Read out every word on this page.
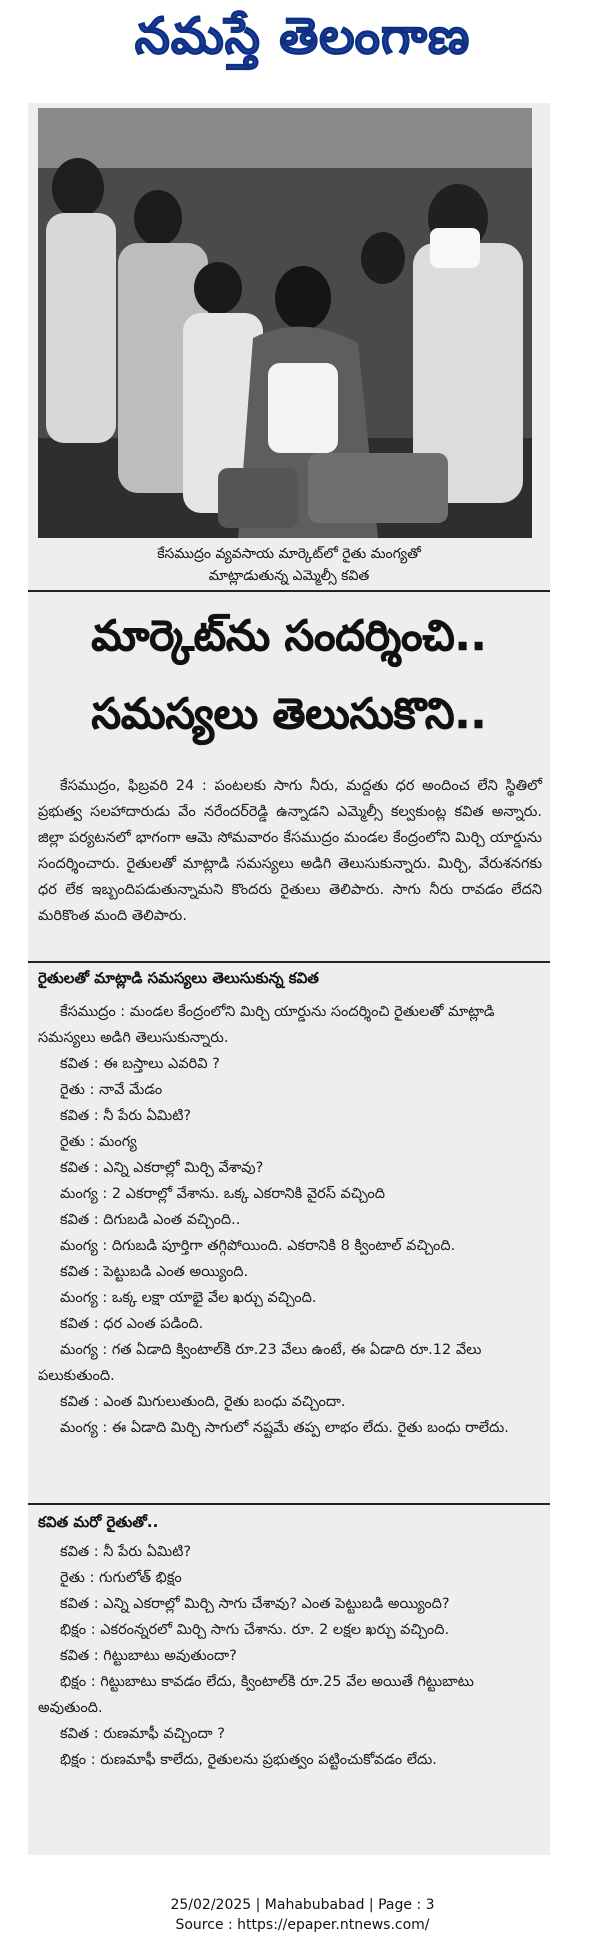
నమస్తే తెలంగాణ
కేసముద్రం వ్యవసాయ మార్కెట్‌లో రైతు మంగ్యతో
మాట్లాడుతున్న ఎమ్మెల్సీ కవిత
మార్కెట్‌ను సందర్శించి..
సమస్యలు తెలుసుకొని..
కేసముద్రం, ఫిబ్రవరి 24 : పంటలకు సాగు నీరు, మద్దతు ధర అందించ లేని స్థితిలో ప్రభుత్వ సలహాదారుడు వేం నరేందర్‌రెడ్డి ఉన్నాడని ఎమ్మెల్సీ కల్వకుంట్ల కవిత అన్నారు. జిల్లా పర్యటనలో భాగంగా ఆమె సోమవారం కేసముద్రం మండల కేంద్రంలోని మిర్చి యార్డును సందర్శించారు. రైతులతో మాట్లాడి సమస్యలు అడిగి తెలుసుకున్నారు. మిర్చి, వేరుశనగకు ధర లేక ఇబ్బందిపడుతున్నామని కొందరు రైతులు తెలిపారు. సాగు నీరు రావడం లేదని మరికొంత మంది తెలిపారు.
రైతులతో మాట్లాడి సమస్యలు తెలుసుకున్న కవిత
కేసముద్రం : మండల కేంద్రంలోని మిర్చి యార్డును సందర్శించి రైతులతో మాట్లాడి సమస్యలు అడిగి తెలుసుకున్నారు.
కవిత : ఈ బస్తాలు ఎవరివి ?
రైతు : నావే మేడం
కవిత : నీ పేరు ఏమిటి?
రైతు : మంగ్య
కవిత : ఎన్ని ఎకరాల్లో మిర్చి వేశావు?
మంగ్య : 2 ఎకరాల్లో వేశాను. ఒక్క ఎకరానికి వైరస్ వచ్చింది
కవిత : దిగుబడి ఎంత వచ్చింది..
మంగ్య : దిగుబడి పూర్తిగా తగ్గిపోయింది. ఎకరానికి 8 క్వింటాల్ వచ్చింది.
కవిత : పెట్టుబడి ఎంత అయ్యింది.
మంగ్య : ఒక్క లక్షా యాభై వేల ఖర్చు వచ్చింది.
కవిత : ధర ఎంత పడింది.
మంగ్య : గత ఏడాది క్వింటాల్‌కి రూ.23 వేలు ఉంటే, ఈ ఏడాది రూ.12 వేలు పలుకుతుంది.
కవిత : ఎంత మిగులుతుంది, రైతు బంధు వచ్చిందా.
మంగ్య : ఈ ఏడాది మిర్చి సాగులో నష్టమే తప్ప లాభం లేదు. రైతు బంధు రాలేదు.
కవిత మరో రైతుతో..
కవిత : నీ పేరు ఏమిటి?
రైతు : గుగులోత్ భిక్షం
కవిత : ఎన్ని ఎకరాల్లో మిర్చి సాగు చేశావు? ఎంత పెట్టుబడి అయ్యింది?
భిక్షం : ఎకరంన్నరలో మిర్చి సాగు చేశాను. రూ. 2 లక్షల ఖర్చు వచ్చింది.
కవిత : గిట్టుబాటు అవుతుందా?
భిక్షం : గిట్టుబాటు కావడం లేదు, క్వింటాల్‌కి రూ.25 వేల అయితే గిట్టుబాటు అవుతుంది.
కవిత : రుణమాఫీ వచ్చిందా ?
భిక్షం : రుణమాఫీ కాలేదు, రైతులను ప్రభుత్వం పట్టించుకోవడం లేదు.
25/02/2025 | Mahabubabad | Page : 3
Source : https://epaper.ntnews.com/
